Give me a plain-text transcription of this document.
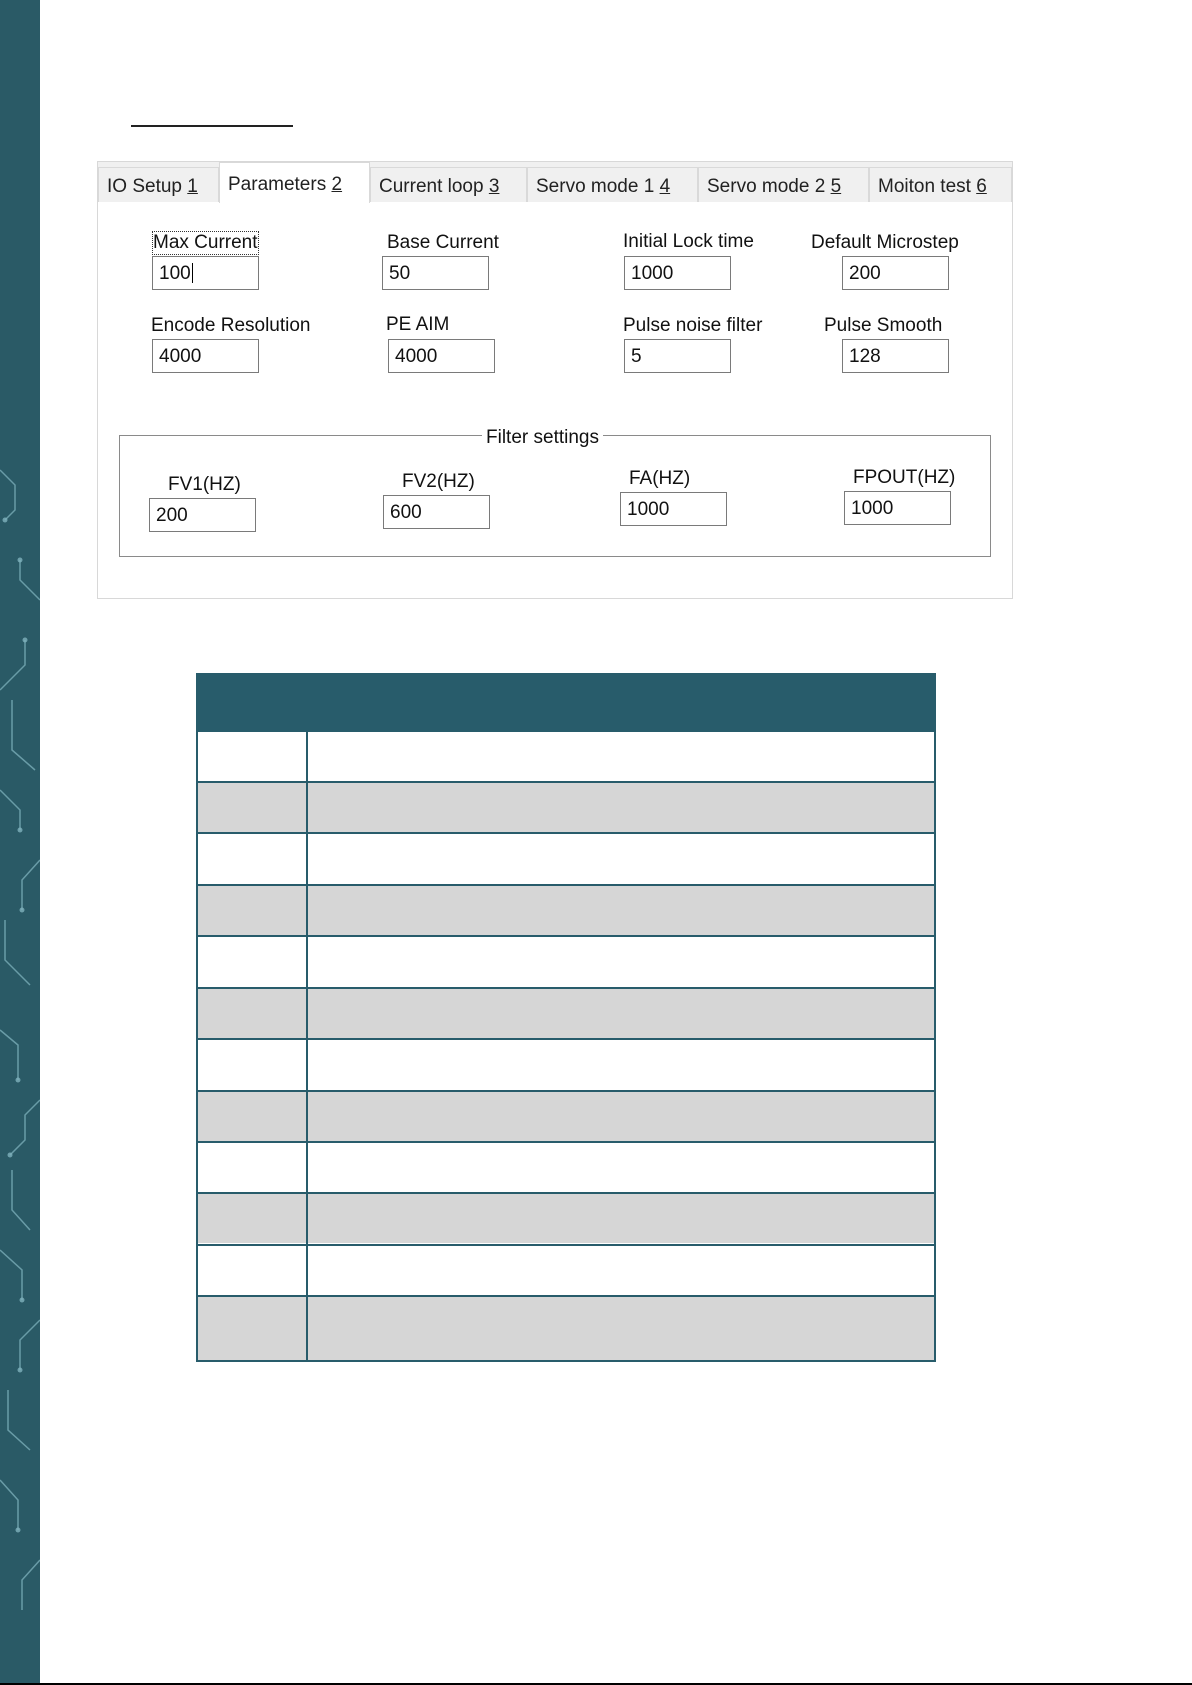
IO Setup 1	Parameters 2	Current loop 3	Servo mode 1 4	Servo mode 2 5	Moiton test 6
Max Current
100
Base Current
50
Initial Lock time
1000
Default Microstep
200
Encode Resolution
4000
PE AIM
4000
Pulse noise filter
5
Pulse Smooth
128
Filter settings
FV1(HZ)
200
FV2(HZ)
600
FA(HZ)
1000
FPOUT(HZ)
1000
